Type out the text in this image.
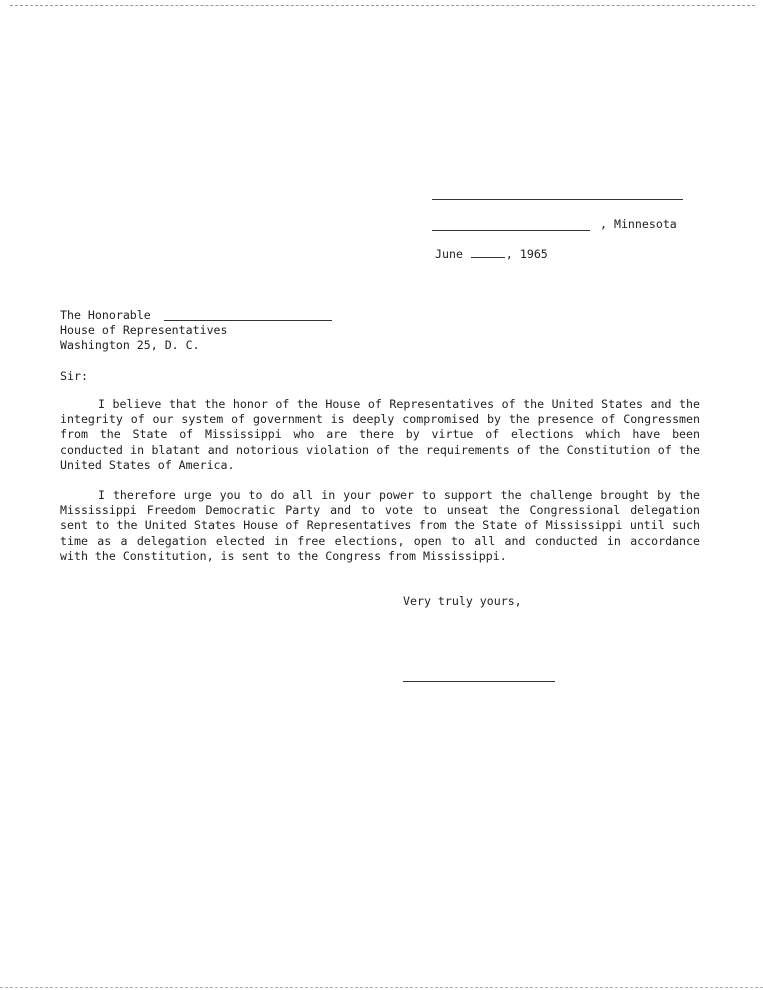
, Minnesota
June	, 1965
The Honorable
House of Representatives
Washington 25, D. C.
Sir:
I believe that the honor of the House of Representatives of the United States and the integrity of our system of government is deeply compromised by the presence of Congressmen from the State of Mississippi who are there by virtue of elections which have been conducted in blatant and notorious violation of the requirements of the Constitution of the United States of America.
I therefore urge you to do all in your power to support the challenge brought by the Mississippi Freedom Democratic Party and to vote to unseat the Congressional delegation sent to the United States House of Representatives from the State of Mississippi until such time as a delegation elected in free elections, open to all and conducted in accordance with the Constitution, is sent to the Congress from Mississippi.
Very truly yours,
